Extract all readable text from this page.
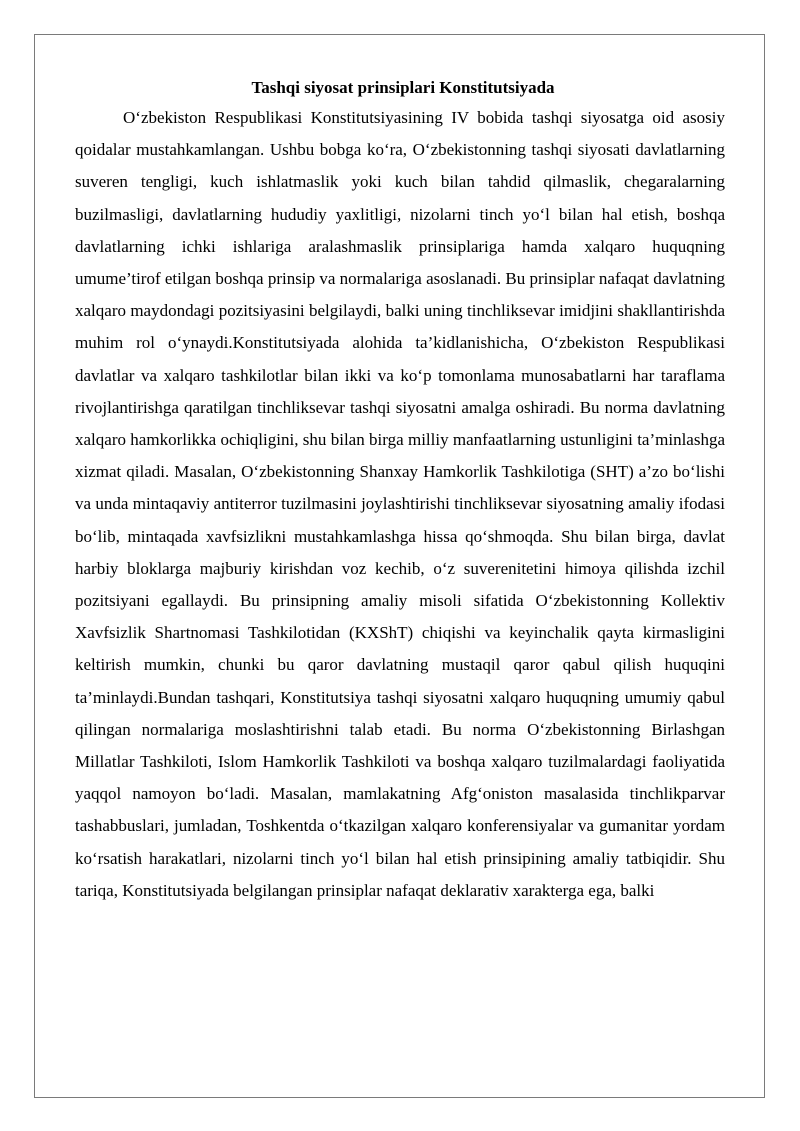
Tashqi siyosat prinsiplari Konstitutsiyada

O‘zbekiston Respublikasi Konstitutsiyasining IV bobida tashqi siyosatga oid asosiy qoidalar mustahkamlangan. Ushbu bobga ko‘ra, O‘zbekistonning tashqi siyosati davlatlarning suveren tengligi, kuch ishlatmaslik yoki kuch bilan tahdid qilmaslik, chegaralarning buzilmasligi, davlatlarning hududiy yaxlitligi, nizolarni tinch yo‘l bilan hal etish, boshqa davlatlarning ichki ishlariga aralashmaslik prinsiplariga hamda xalqaro huquqning umume’tirof etilgan boshqa prinsip va normalariga asoslanadi. Bu prinsiplar nafaqat davlatning xalqaro maydondagi pozitsiyasini belgilaydi, balki uning tinchliksevar imidjini shakllantirishda muhim rol o‘ynaydi.Konstitutsiyada alohida ta’kidlanishicha, O‘zbekiston Respublikasi davlatlar va xalqaro tashkilotlar bilan ikki va ko‘p tomonlama munosabatlarni har taraflama rivojlantirishga qaratilgan tinchliksevar tashqi siyosatni amalga oshiradi. Bu norma davlatning xalqaro hamkorlikka ochiqligini, shu bilan birga milliy manfaatlarning ustunligini ta’minlashga xizmat qiladi. Masalan, O‘zbekistonning Shanxay Hamkorlik Tashkilotiga (SHT) a’zo bo‘lishi va unda mintaqaviy antiterror tuzilmasini joylashtirishi tinchliksevar siyosatning amaliy ifodasi bo‘lib, mintaqada xavfsizlikni mustahkamlashga hissa qo‘shmoqda. Shu bilan birga, davlat harbiy bloklarga majburiy kirishdan voz kechib, o‘z suverenitetini himoya qilishda izchil pozitsiyani egallaydi. Bu prinsipning amaliy misoli sifatida O‘zbekistonning Kollektiv Xavfsizlik Shartnomasi Tashkilotidan (KXShT) chiqishi va keyinchalik qayta kirmasligini keltirish mumkin, chunki bu qaror davlatning mustaqil qaror qabul qilish huquqini ta’minlaydi.Bundan tashqari, Konstitutsiya tashqi siyosatni xalqaro huquqning umumiy qabul qilingan normalariga moslashtirishni talab etadi. Bu norma O‘zbekistonning Birlashgan Millatlar Tashkiloti, Islom Hamkorlik Tashkiloti va boshqa xalqaro tuzilmalardagi faoliyatida yaqqol namoyon bo‘ladi. Masalan, mamlakatning Afg‘oniston masalasida tinchlikparvar tashabbuslari, jumladan, Toshkentda o‘tkazilgan xalqaro konferensiyalar va gumanitar yordam ko‘rsatish harakatlari, nizolarni tinch yo‘l bilan hal etish prinsipining amaliy tatbiqidir. Shu tariqa, Konstitutsiyada belgilangan prinsiplar nafaqat deklarativ xarakterga ega, balki
